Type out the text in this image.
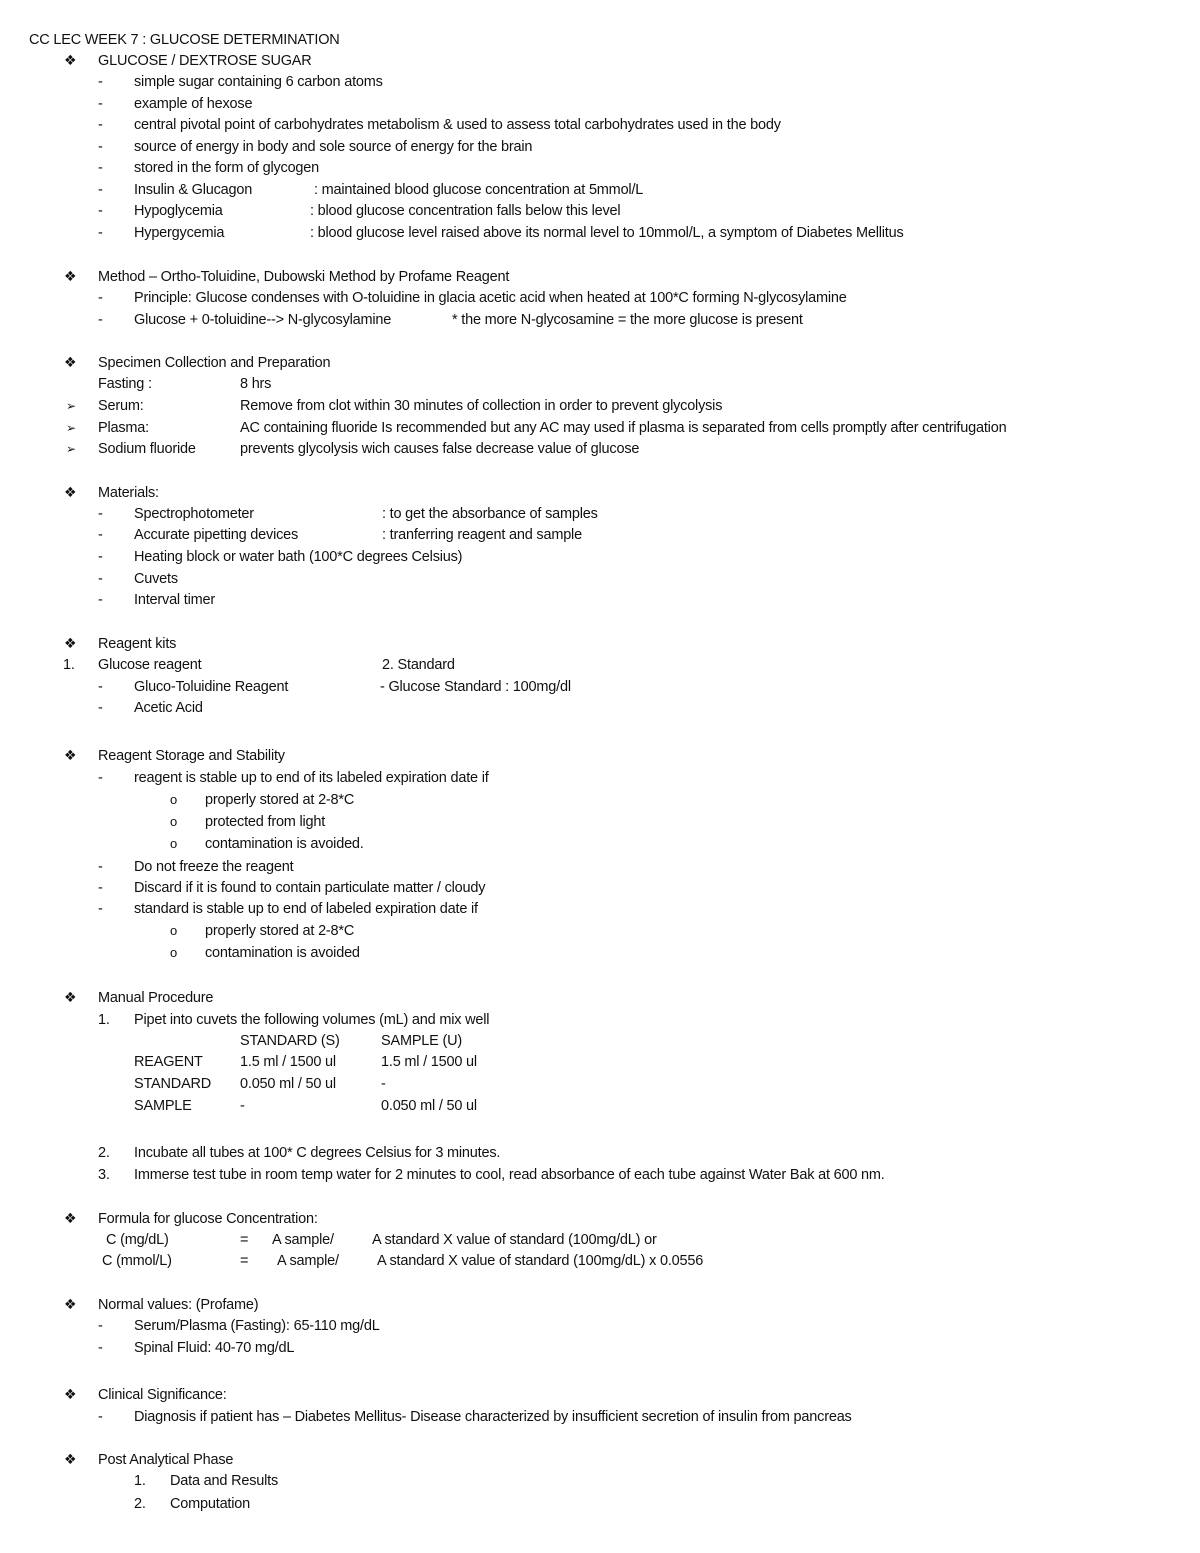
CC LEC WEEK 7 : GLUCOSE DETERMINATION
❖ GLUCOSE / DEXTROSE SUGAR
- simple sugar containing 6 carbon atoms
- example of hexose
- central pivotal point of carbohydrates metabolism & used to assess total carbohydrates used in the body
- source of energy in body and sole source of energy for the brain
- stored in the form of glycogen
- Insulin & Glucagon	: maintained blood glucose concentration at 5mmol/L
- Hypoglycemia	: blood glucose concentration falls below this level
- Hypergycemia	: blood glucose level raised above its normal level to 10mmol/L, a symptom of Diabetes Mellitus
❖ Method – Ortho-Toluidine, Dubowski Method by Profame Reagent
- Principle: Glucose condenses with O-toluidine in glacia acetic acid when heated at 100*C forming N-glycosylamine
- Glucose + 0-toluidine--> N-glycosylamine	* the more N-glycosamine = the more glucose is present
❖ Specimen Collection and Preparation
Fasting :	8 hrs
➢ Serum:	Remove from clot within 30 minutes of collection in order to prevent glycolysis
➢ Plasma:	AC containing fluoride Is recommended but any AC may used if plasma is separated from cells promptly after centrifugation
➢ Sodium fluoride	prevents glycolysis wich causes false decrease value of glucose
❖ Materials:
- Spectrophotometer	: to get the absorbance of samples
- Accurate pipetting devices	: tranferring reagent and sample
- Heating block or water bath (100*C degrees Celsius)
- Cuvets
- Interval timer
❖ Reagent kits
1. Glucose reagent	2. Standard
- Gluco-Toluidine Reagent	- Glucose Standard : 100mg/dl
- Acetic Acid
❖ Reagent Storage and Stability
- reagent is stable up to end of its labeled expiration date if
o properly stored at 2-8*C
o protected from light
o contamination is avoided.
- Do not freeze the reagent
- Discard if it is found to contain particulate matter / cloudy
- standard is stable up to end of labeled expiration date if
o properly stored at 2-8*C
o contamination is avoided
❖ Manual Procedure
1. Pipet into cuvets the following volumes (mL) and mix well
STANDARD (S)	SAMPLE (U)
REAGENT	1.5 ml / 1500 ul	1.5 ml / 1500 ul
STANDARD 0.050 ml / 50 ul	-
SAMPLE	-	0.050 ml / 50 ul
2. Incubate all tubes at 100* C degrees Celsius for 3 minutes.
3. Immerse test tube in room temp water for 2 minutes to cool, read absorbance of each tube against Water Bak at 600 nm.
❖ Formula for glucose Concentration:
C (mg/dL)	= A sample/	A standard X value of standard (100mg/dL) or
C (mmol/L)	= A sample/	A standard X value of standard (100mg/dL) x 0.0556
❖ Normal values: (Profame)
- Serum/Plasma (Fasting): 65-110 mg/dL
- Spinal Fluid: 40-70 mg/dL
❖ Clinical Significance:
- Diagnosis if patient has – Diabetes Mellitus- Disease characterized by insufficient secretion of insulin from pancreas
❖ Post Analytical Phase
1. Data and Results
2. Computation
